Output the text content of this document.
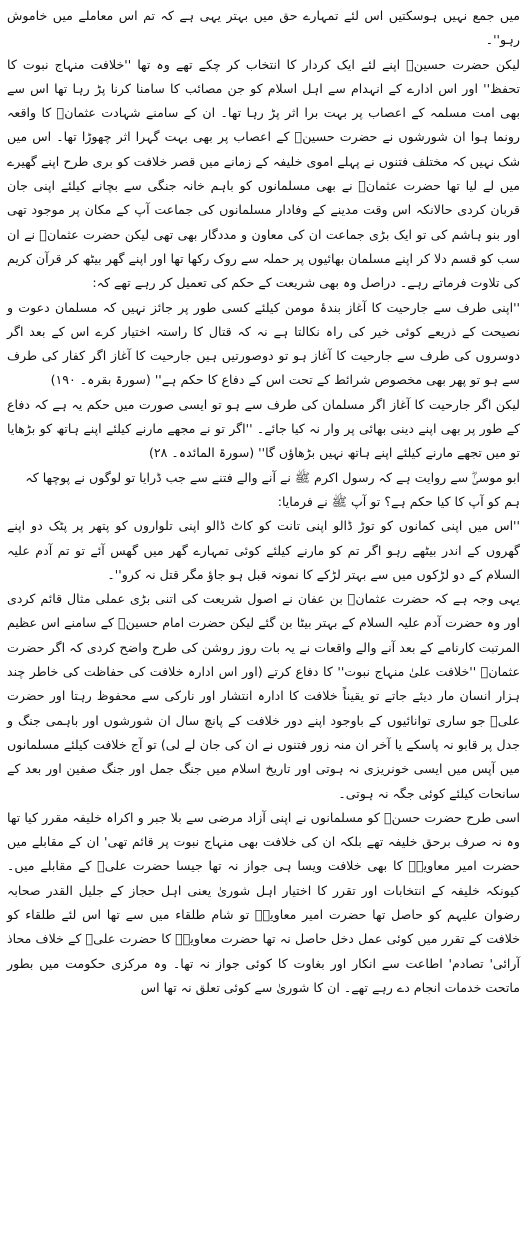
میں جمع نہیں ہوسکتیں اس لئے تمہارے حق میں بہتر یہی ہے کہ تم اس معاملے میں خاموش رہو''۔

لیکن حضرت حسینؓ اپنے لئے ایک کردار کا انتخاب کر چکے تھے وہ تھا ''خلافت منہاج نبوت کا تحفظ'' اور اس ادارے کے انہدام سے اہل اسلام کو جن مصائب کا سامنا کرنا پڑ رہا تھا اس سے بھی امت مسلمہ کے اعصاب پر بہت برا اثر پڑ رہا تھا۔ ان کے سامنے شہادت عثمانؓ کا واقعہ رونما ہوا ان شورشوں نے حضرت حسینؓ کے اعصاب پر بھی بہت گہرا اثر چھوڑا تھا۔ اس میں شک نہیں کہ مختلف فتنوں نے پہلے اموی خلیفہ کے زمانے میں قصر خلافت کو بری طرح اپنے گھیرے میں لے لیا تھا حضرت عثمانؓ نے بھی مسلمانوں کو باہم خانہ جنگی سے بچانے کیلئے اپنی جان قربان کردی حالانکہ اس وقت مدینے کے وفادار مسلمانوں کی جماعت آپ کے مکان پر موجود تھی اور بنو ہاشم کی تو ایک بڑی جماعت ان کی معاون و مددگار بھی تھی لیکن حضرت عثمانؓ نے ان سب کو قسم دلا کر اپنے مسلمان بھائیوں پر حملہ سے روک رکھا تھا اور اپنے گھر بیٹھ کر قرآن کریم کی تلاوت فرماتے رہے۔ دراصل وہ بھی شریعت کے حکم کی تعمیل کر رہے تھے کہ:

''اپنی طرف سے جارحیت کا آغاز بندۂ مومن کیلئے کسی طور پر جائز نہیں کہ مسلمان دعوت و نصیحت کے ذریعے کوئی خیر کی راہ نکالتا ہے نہ کہ قتال کا راستہ اختیار کرے اس کے بعد اگر دوسروں کی طرف سے جارحیت کا آغاز ہو تو دوصورتیں ہیں جارحیت کا آغاز اگر کفار کی طرف سے ہو تو پھر بھی مخصوص شرائط کے تحت اس کے دفاع کا حکم ہے'' (سورۃ بقرہ۔ ۱۹۰)

لیکن اگر جارحیت کا آغاز اگر مسلمان کی طرف سے ہو تو ایسی صورت میں حکم یہ ہے کہ دفاع کے طور پر بھی اپنے دینی بھائی پر وار نہ کیا جائے۔ ''اگر تو نے مجھے مارنے کیلئے اپنے ہاتھ کو بڑھایا تو میں تجھے مارنے کیلئے اپنے ہاتھ نہیں بڑھاؤں گا'' (سورۃ المائدہ۔ ۲۸)

ابو موسیٰؓ سے روایت ہے کہ رسول اکرم ﷺ نے آنے والے فتنے سے جب ڈرایا تو لوگوں نے پوچھا کہ ہم کو آپ کا کیا حکم ہے؟ تو آپ ﷺ نے فرمایا:

''اس میں اپنی کمانوں کو توڑ ڈالو اپنی تانت کو کاٹ ڈالو اپنی تلواروں کو پتھر پر پٹک دو اپنے گھروں کے اندر بیٹھے رہو اگر تم کو مارنے کیلئے کوئی تمہارے گھر میں گھس آئے تو تم آدم علیہ السلام کے دو لڑکوں میں سے بہتر لڑکے کا نمونہ قبل ہو جاؤ مگر قتل نہ کرو''۔

یہی وجہ ہے کہ حضرت عثمانؓ بن عفان نے اصول شریعت کی اتنی بڑی عملی مثال قائم کردی اور وہ حضرت آدم علیہ السلام کے بہتر بیٹا بن گئے لیکن حضرت امام حسینؓ کے سامنے اس عظیم المرتبت کارنامے کے بعد آنے والے واقعات نے یہ بات روز روشن کی طرح واضح کردی کہ اگر حضرت عثمانؓ ''خلافت علیٰ منہاج نبوت'' کا دفاع کرتے (اور اس ادارہ خلافت کی حفاظت کی خاطر چند ہزار انسان مار دیئے جاتے تو یقیناً خلافت کا ادارہ انتشار اور نارکی سے محفوظ رہتا اور حضرت علیؓ جو ساری توانائیوں کے باوجود اپنے دور خلافت کے پانچ سال ان شورشوں اور باہمی جنگ و جدل پر قابو نہ پاسکے یا آخر ان منہ زور فتنوں نے ان کی جان لے لی) تو آج خلافت کیلئے مسلمانوں میں آپس میں ایسی خونریزی نہ ہوتی اور تاریخ اسلام میں جنگ جمل اور جنگ صفین اور بعد کے سانحات کیلئے کوئی جگہ نہ ہوتی۔

اسی طرح حضرت حسنؓ کو مسلمانوں نے اپنی آزاد مرضی سے بلا جبر و اکراہ خلیفہ مقرر کیا تھا وہ نہ صرف برحق خلیفہ تھے بلکہ ان کی خلافت بھی منہاج نبوت پر قائم تھی' ان کے مقابلے میں حضرت امیر معاویہؓ کا بھی خلافت ویسا ہی جواز نہ تھا جیسا حضرت علیؓ کے مقابلے میں۔ کیونکہ خلیفہ کے انتخابات اور تقرر کا اختیار اہل شوریٰ یعنی اہل حجاز کے جلیل القدر صحابہ رضوان علیہم کو حاصل تھا حضرت امیر معاویہؓ تو شام طلقاء میں سے تھا اس لئے طلقاء کو خلافت کے تقرر میں کوئی عمل دخل حاصل نہ تھا حضرت معاویہؓ کا حضرت علیؓ کے خلاف محاذ آرائی' تصادم' اطاعت سے انکار اور بغاوت کا کوئی جواز نہ تھا۔ وہ مرکزی حکومت میں بطور ماتحت خدمات انجام دے رہے تھے۔ ان کا شوریٰ سے کوئی تعلق نہ تھا اس
